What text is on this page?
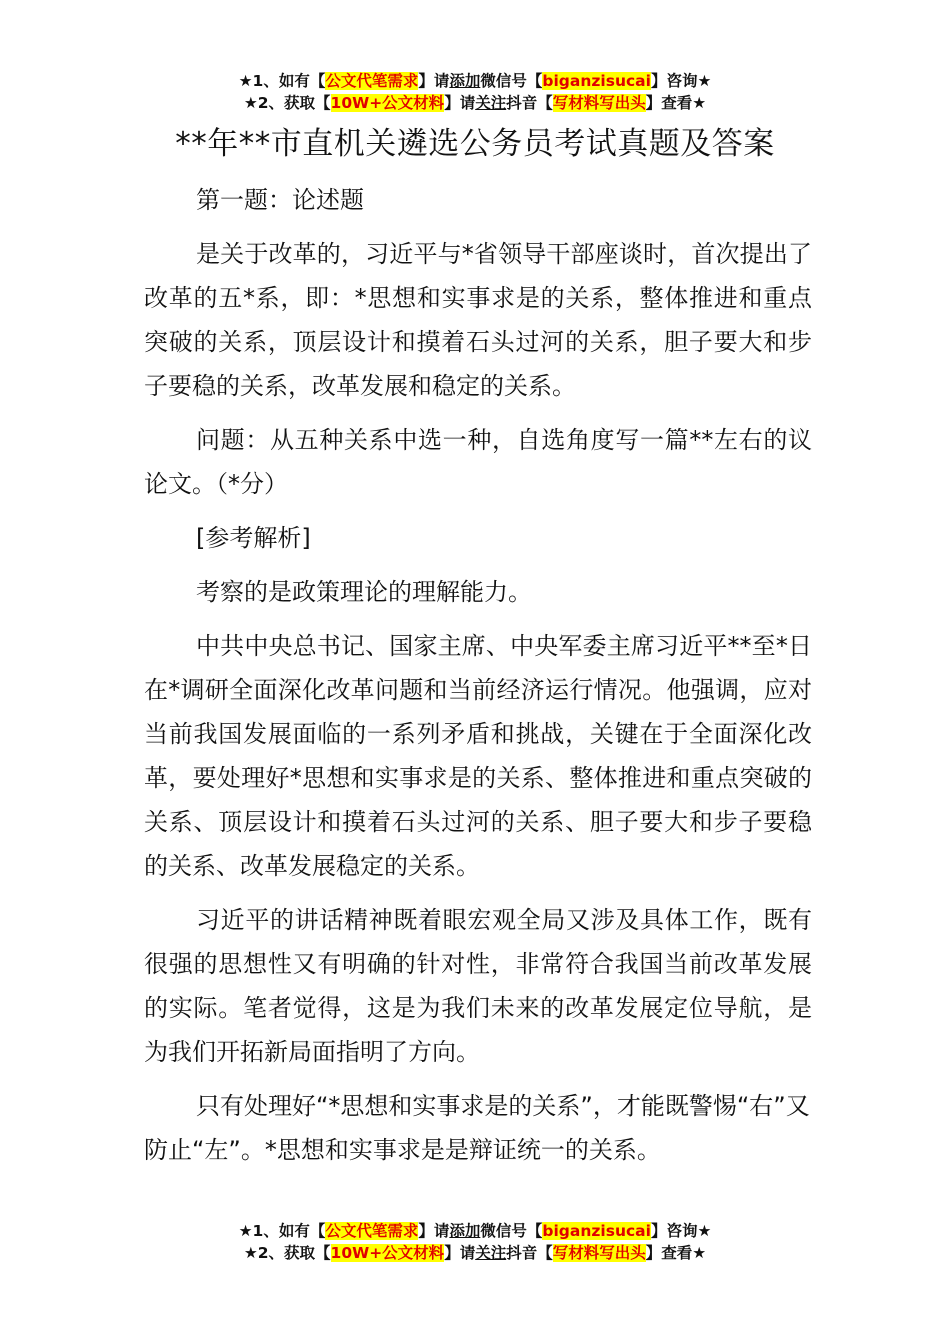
★1、如有【公文代笔需求】请添加微信号【biganzisucai】咨询★
★2、获取【10W+公文材料】请关注抖音【写材料写出头】查看★
**年**市直机关遴选公务员考试真题及答案

第一题：论述题

是关于改革的，习近平与*省领导干部座谈时，首次提出了改革的五*系，即：*思想和实事求是的关系，整体推进和重点突破的关系，顶层设计和摸着石头过河的关系，胆子要大和步子要稳的关系，改革发展和稳定的关系。

问题：从五种关系中选一种，自选角度写一篇**左右的议论文。（*分）

[参考解析]

考察的是政策理论的理解能力。

中共中央总书记、国家主席、中央军委主席习近平**至*日在*调研全面深化改革问题和当前经济运行情况。他强调，应对当前我国发展面临的一系列矛盾和挑战，关键在于全面深化改革，要处理好*思想和实事求是的关系、整体推进和重点突破的关系、顶层设计和摸着石头过河的关系、胆子要大和步子要稳的关系、改革发展稳定的关系。

习近平的讲话精神既着眼宏观全局又涉及具体工作，既有很强的思想性又有明确的针对性，非常符合我国当前改革发展的实际。笔者觉得，这是为我们未来的改革发展定位导航，是为我们开拓新局面指明了方向。

只有处理好“*思想和实事求是的关系”，才能既警惕“右”又防止“左”。*思想和实事求是是辩证统一的关系。

★1、如有【公文代笔需求】请添加微信号【biganzisucai】咨询★
★2、获取【10W+公文材料】请关注抖音【写材料写出头】查看★
